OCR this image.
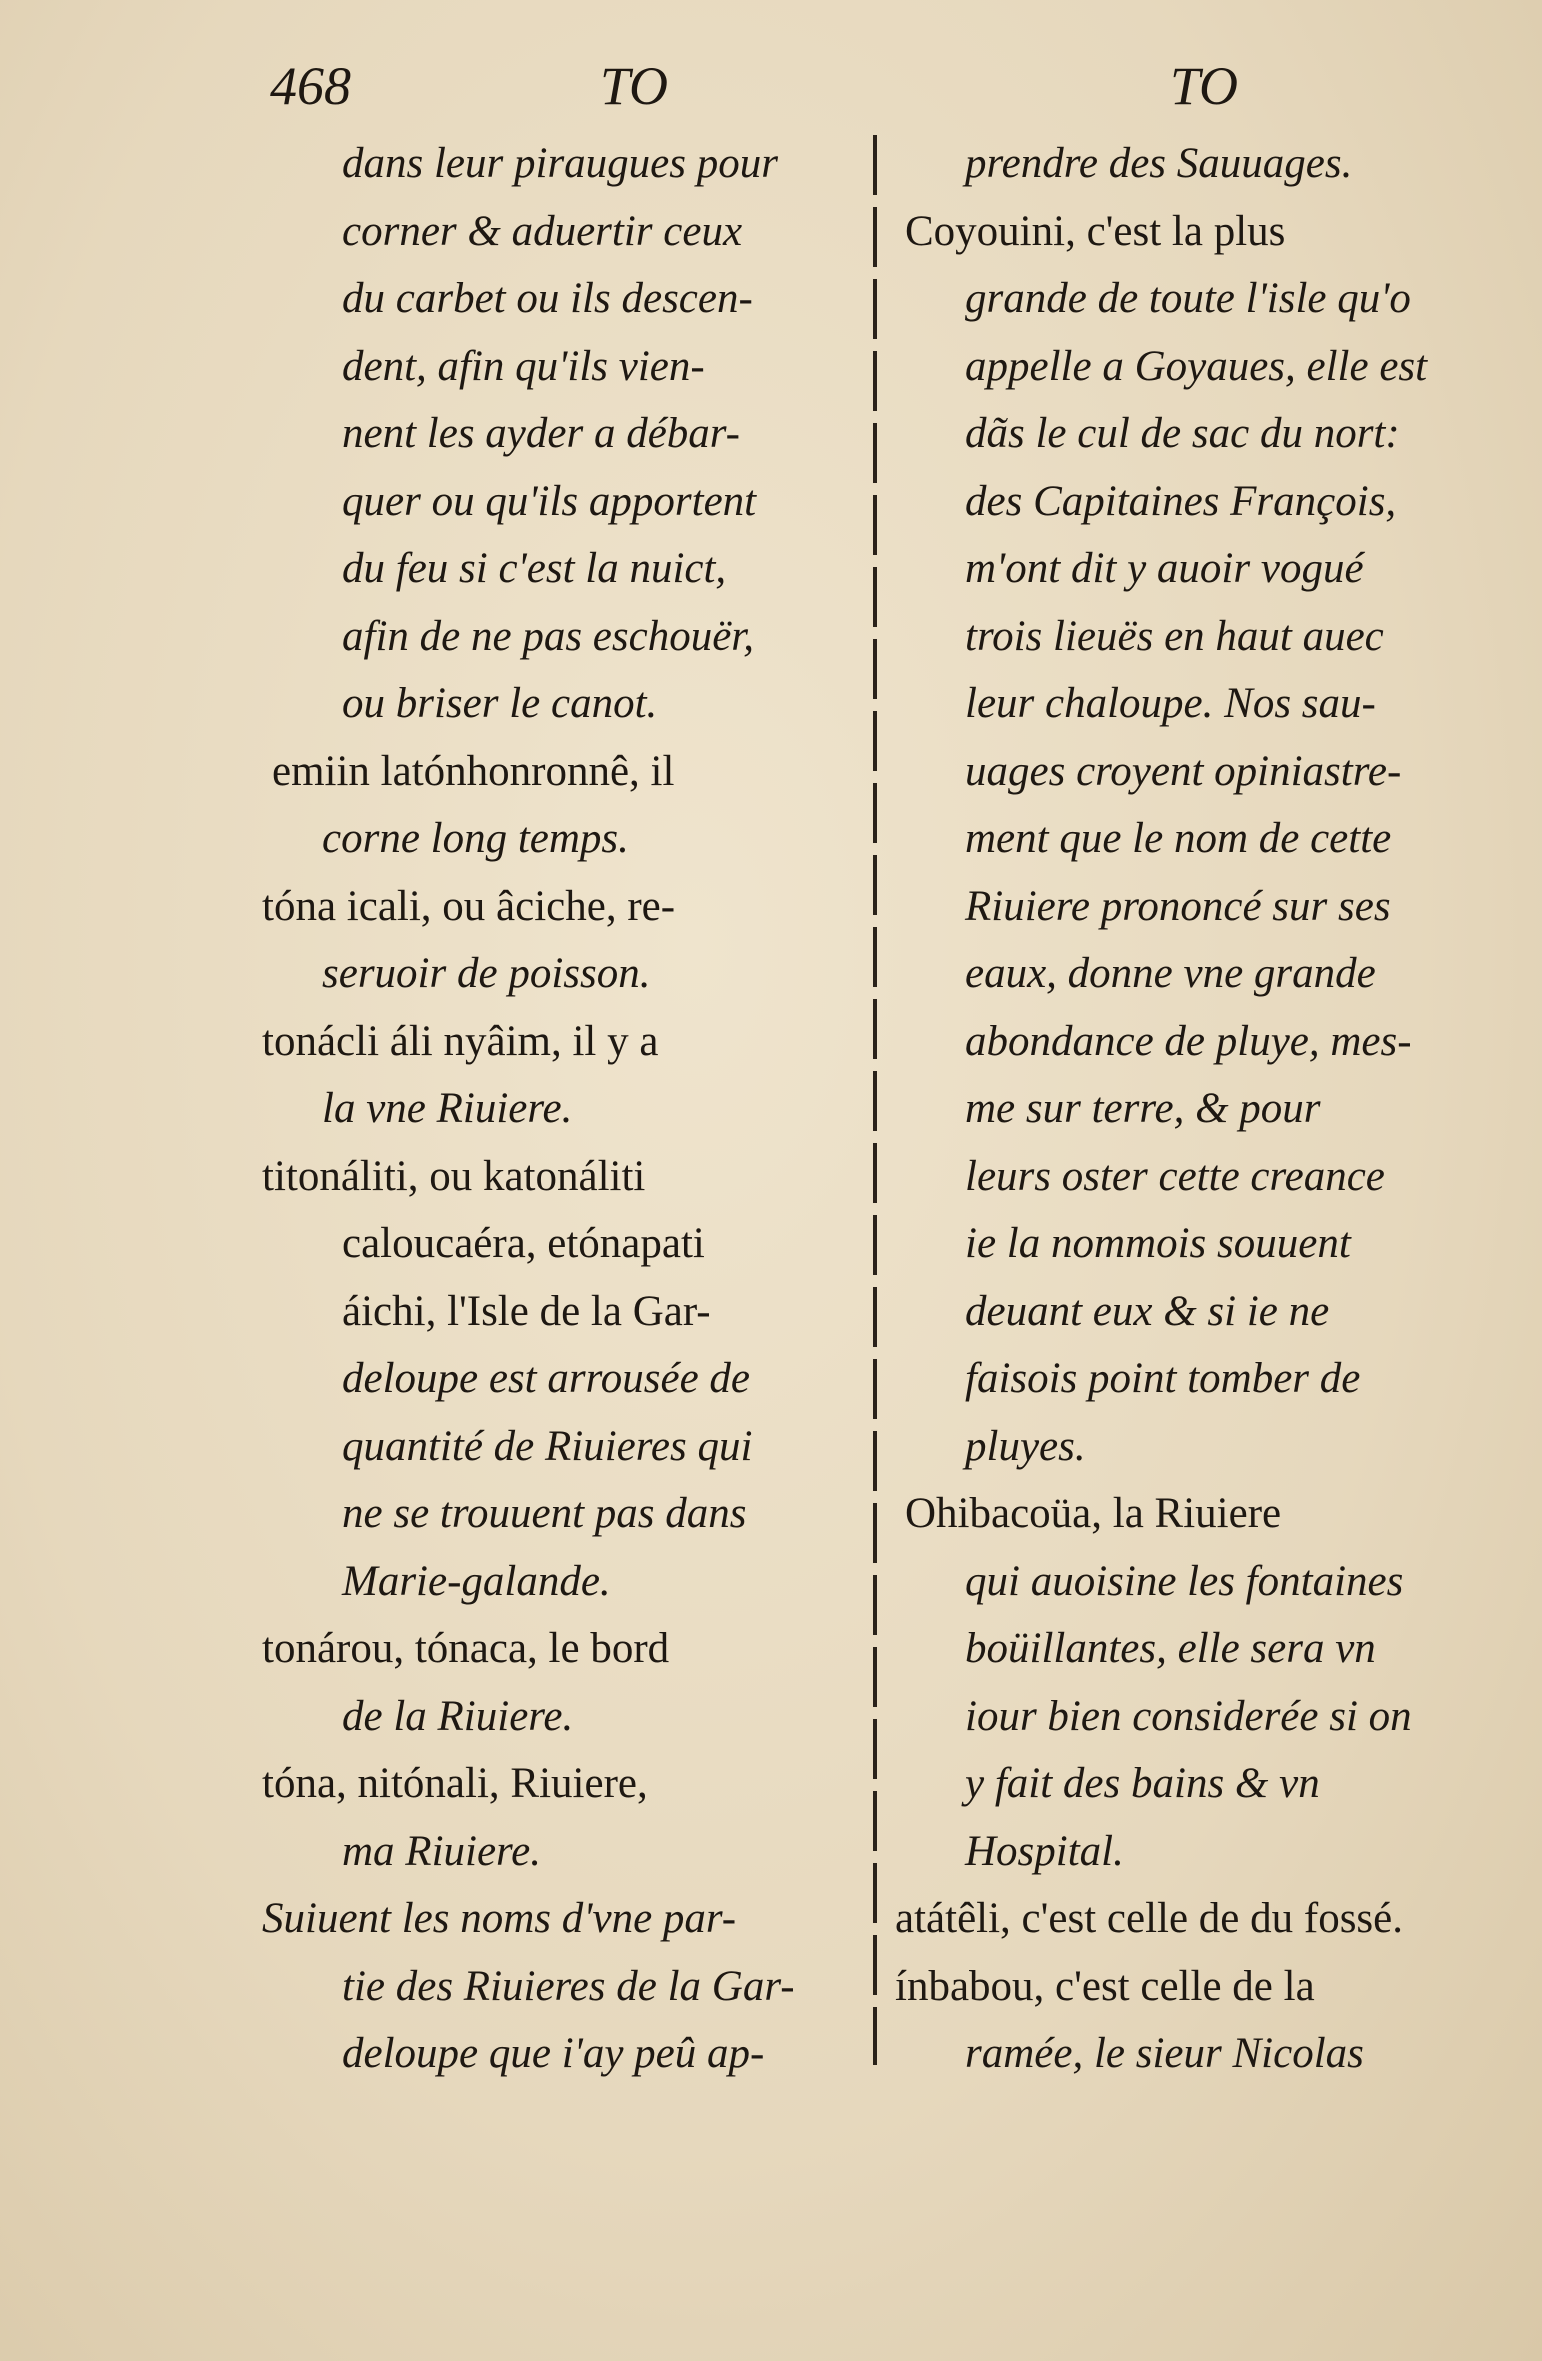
468	TO	TO
dans leur piraugues pour
corner & aduertir ceux
du carbet ou ils descen-
dent, afin qu'ils vien-
nent les ayder a débar-
quer ou qu'ils apportent
du feu si c'est la nuict,
afin de ne pas eschouër,
ou briser le canot.
emiin latónhonronnê, il
corne long temps.
tóna icali, ou âciche, re-
seruoir de poisson.
tonácli áli nyâim, il y a
la vne Riuiere.
titonáliti, ou katonáliti
caloucaéra, etónapati
áichi, l'Isle de la Gar-
deloupe est arrousée de
quantité de Riuieres qui
ne se trouuent pas dans
Marie-galande.
tonárou, tónaca, le bord
de la Riuiere.
tóna, nitónali, Riuiere,
ma Riuiere.
Suiuent les noms d'vne par-
tie des Riuieres de la Gar-
deloupe que i'ay peû ap-
prendre des Sauuages.
Coyouini, c'est la plus
grande de toute l'isle qu'o
appelle a Goyaues, elle est
dãs le cul de sac du nort:
des Capitaines François,
m'ont dit y auoir vogué
trois lieuës en haut auec
leur chaloupe. Nos sau-
uages croyent opiniastre-
ment que le nom de cette
Riuiere prononcé sur ses
eaux, donne vne grande
abondance de pluye, mes-
me sur terre, & pour
leurs oster cette creance
ie la nommois souuent
deuant eux & si ie ne
faisois point tomber de
pluyes.
Ohibacoüa, la Riuiere
qui auoisine les fontaines
boüillantes, elle sera vn
iour bien considerée si on
y fait des bains & vn
Hospital.
atátêli, c'est celle de du fossé.
ínbabou, c'est celle de la
ramée, le sieur Nicolas
